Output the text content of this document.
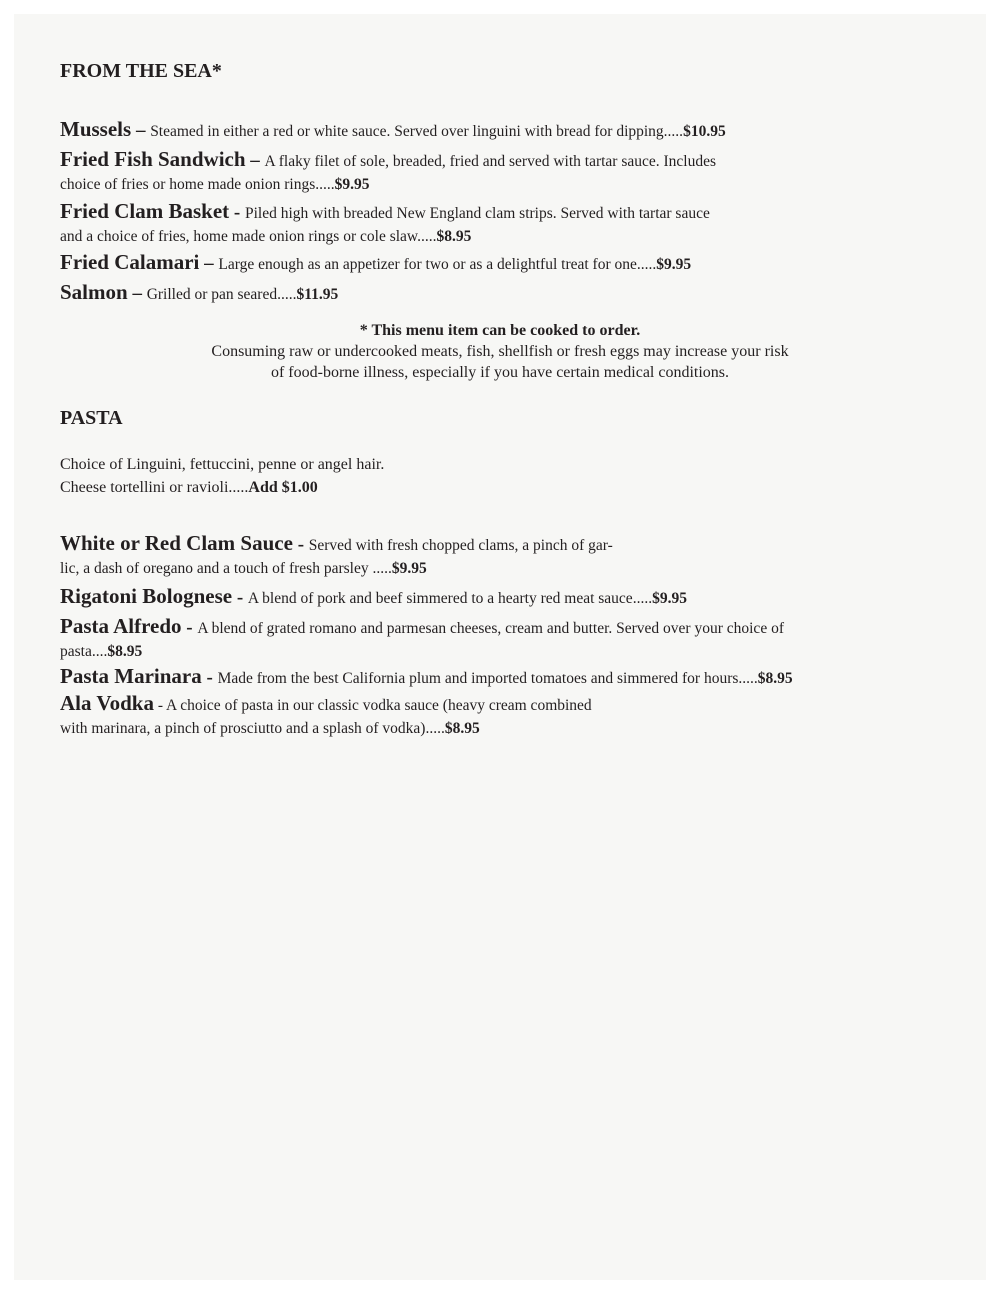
FROM THE SEA*

Mussels – Steamed in either a red or white sauce. Served over linguini with bread for dipping.....$10.95

Fried Fish Sandwich – A flaky filet of sole, breaded, fried and served with tartar sauce. Includes
choice of fries or home made onion rings.....$9.95

Fried Clam Basket - Piled high with breaded New England clam strips. Served with tartar sauce
and a choice of fries, home made onion rings or cole slaw.....$8.95

Fried Calamari – Large enough as an appetizer for two or as a delightful treat for one.....$9.95

Salmon – Grilled or pan seared.....$11.95

* This menu item can be cooked to order.
Consuming raw or undercooked meats, fish, shellfish or fresh eggs may increase your risk
of food-borne illness, especially if you have certain medical conditions.

PASTA

Choice of Linguini, fettuccini, penne or angel hair.
Cheese tortellini or ravioli.....Add $1.00

White or Red Clam Sauce - Served with fresh chopped clams, a pinch of gar-
lic, a dash of oregano and a touch of fresh parsley .....$9.95

Rigatoni Bolognese - A blend of pork and beef simmered to a hearty red meat sauce.....$9.95

Pasta Alfredo - A blend of grated romano and parmesan cheeses, cream and butter. Served over your choice of
pasta....$8.95

Pasta Marinara - Made from the best California plum and imported tomatoes and simmered for hours.....$8.95

Ala Vodka - A choice of pasta in our classic vodka sauce (heavy cream combined
with marinara, a pinch of prosciutto and a splash of vodka).....$8.95
